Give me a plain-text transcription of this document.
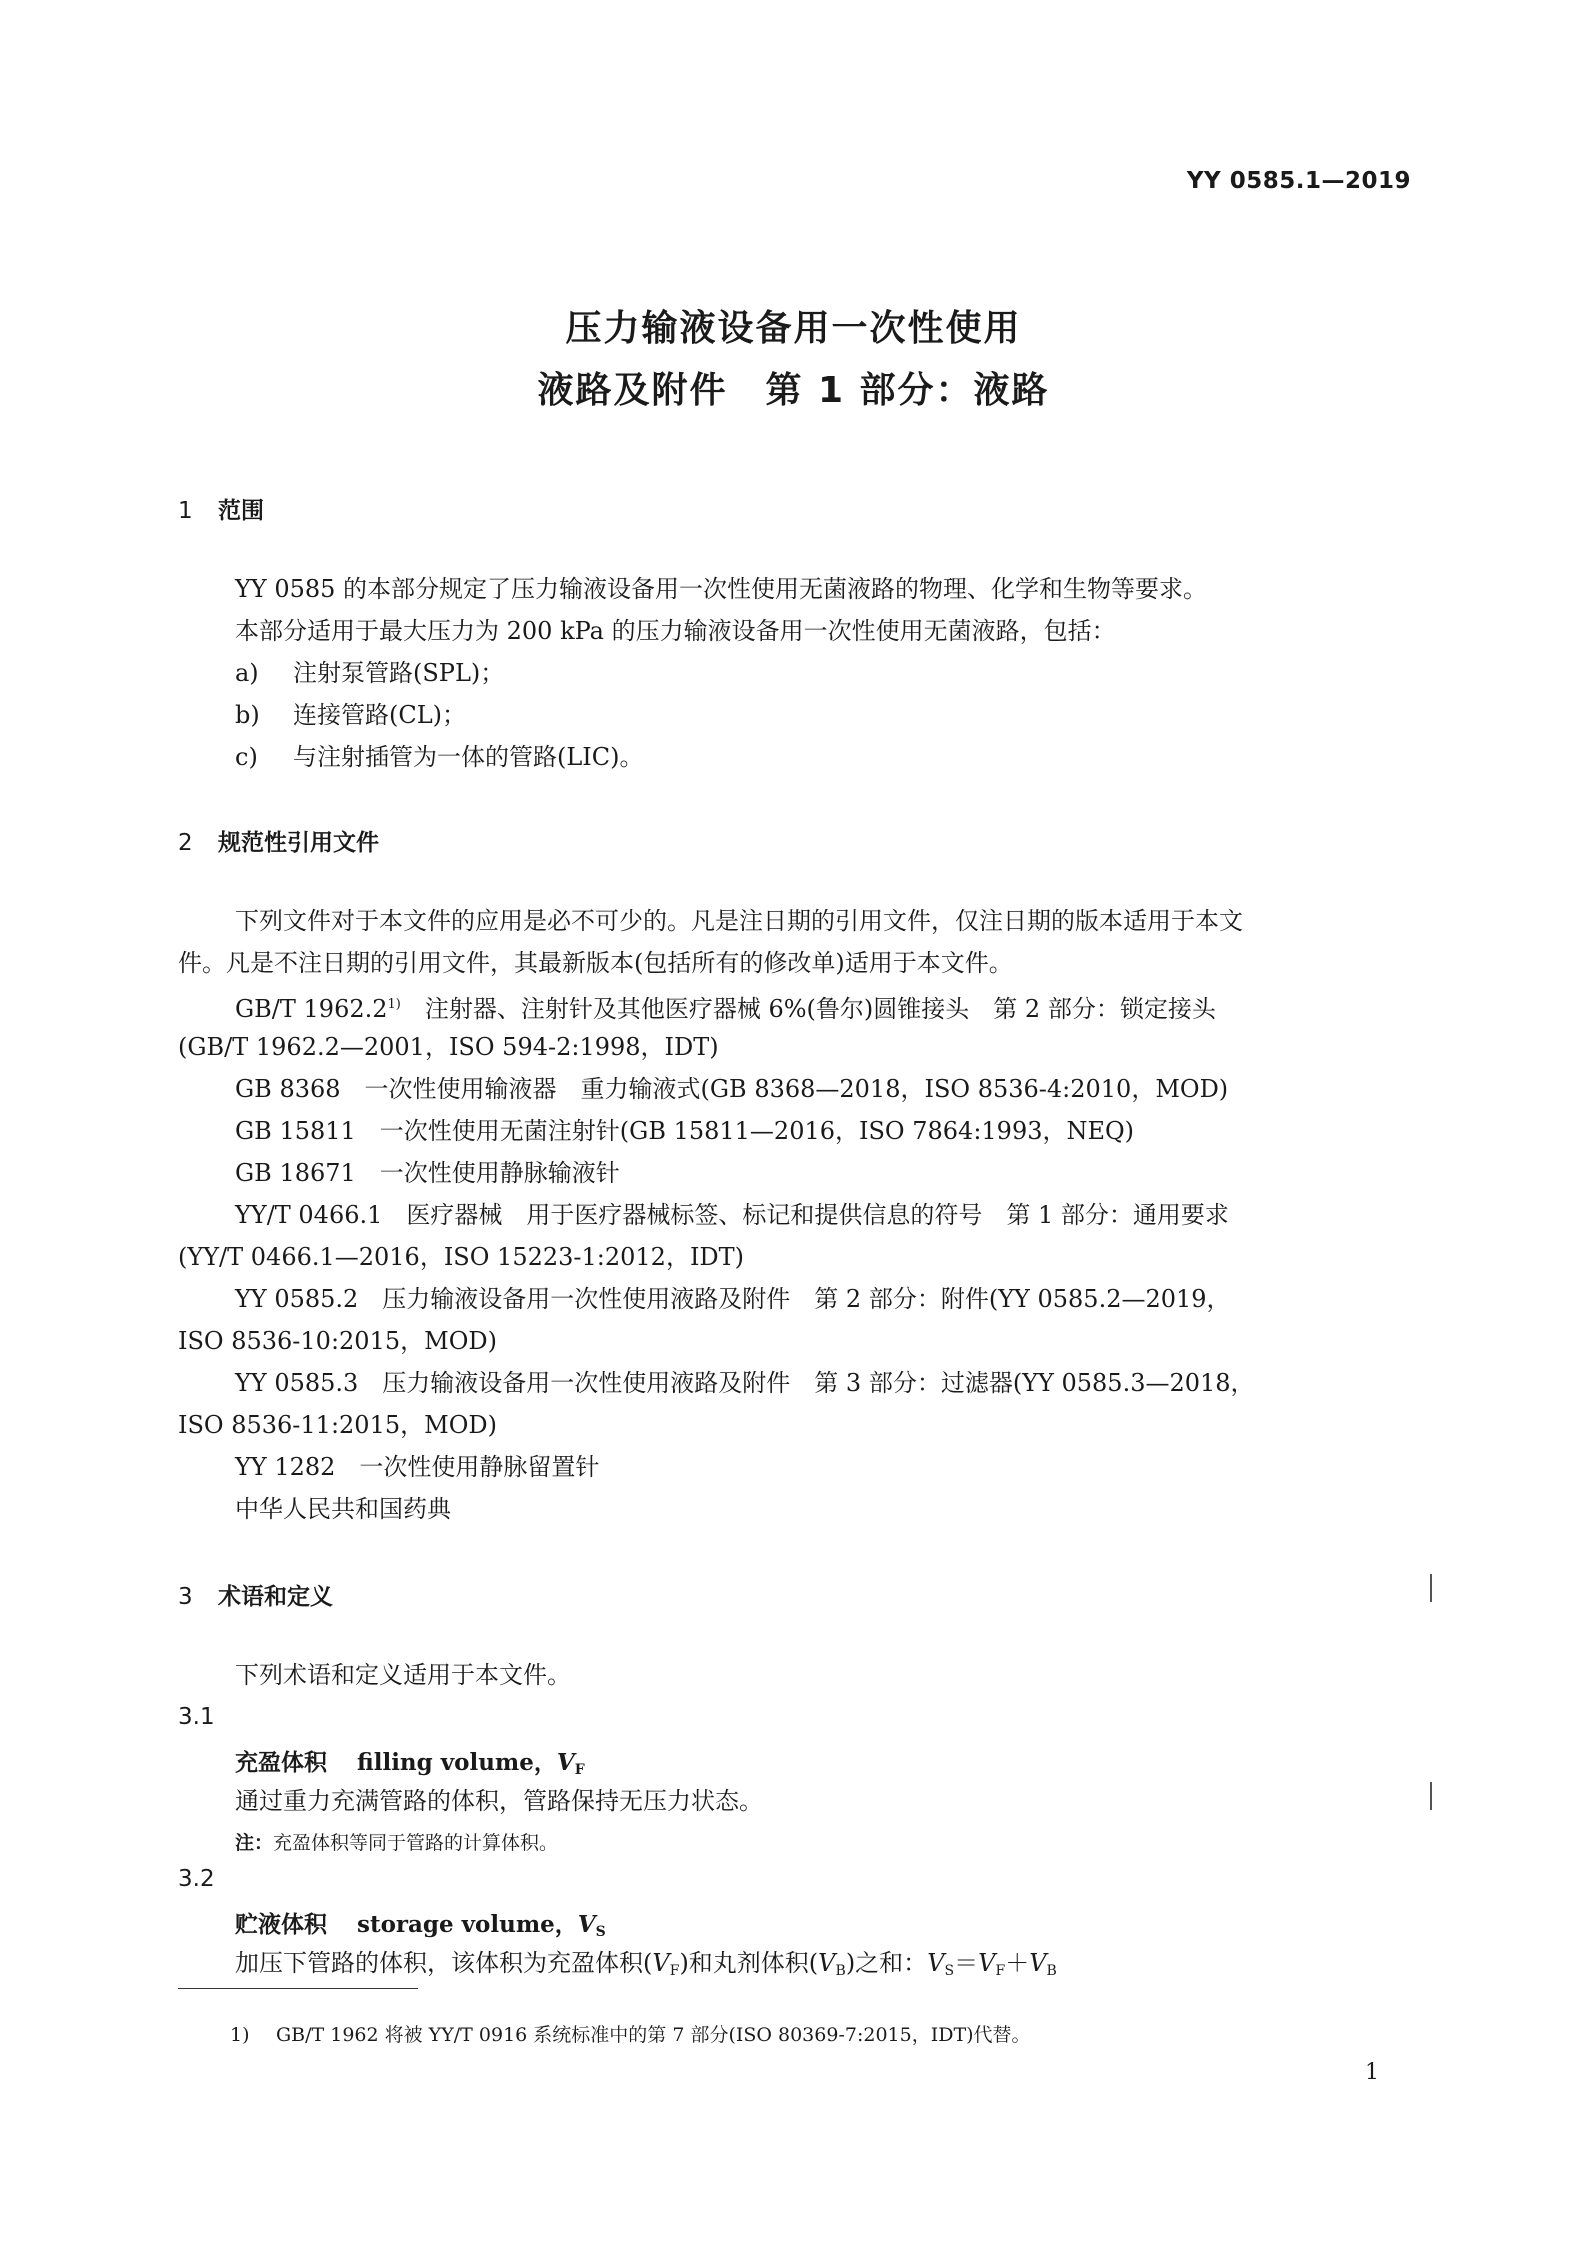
YY 0585.1—2019
压力输液设备用一次性使用
液路及附件　第 1 部分：液路
1 范围
YY 0585 的本部分规定了压力输液设备用一次性使用无菌液路的物理、化学和生物等要求。
本部分适用于最大压力为 200 kPa 的压力输液设备用一次性使用无菌液路，包括：
a) 注射泵管路(SPL)；
b) 连接管路(CL)；
c) 与注射插管为一体的管路(LIC)。
2 规范性引用文件
下列文件对于本文件的应用是必不可少的。凡是注日期的引用文件，仅注日期的版本适用于本文
件。凡是不注日期的引用文件，其最新版本(包括所有的修改单)适用于本文件。
GB/T 1962.2$^{1)}$　注射器、注射针及其他医疗器械 6%(鲁尔)圆锥接头　第 2 部分：锁定接头
(GB/T 1962.2—2001，ISO 594-2:1998，IDT)
GB 8368　一次性使用输液器　重力输液式(GB 8368—2018，ISO 8536-4:2010，MOD)
GB 15811　一次性使用无菌注射针(GB 15811—2016，ISO 7864:1993，NEQ)
GB 18671　一次性使用静脉输液针
YY/T 0466.1　医疗器械　用于医疗器械标签、标记和提供信息的符号　第 1 部分：通用要求
(YY/T 0466.1—2016，ISO 15223-1:2012，IDT)
YY 0585.2　压力输液设备用一次性使用液路及附件　第 2 部分：附件(YY 0585.2—2019，
ISO 8536-10:2015，MOD)
YY 0585.3　压力输液设备用一次性使用液路及附件　第 3 部分：过滤器(YY 0585.3—2018，
ISO 8536-11:2015，MOD)
YY 1282　一次性使用静脉留置针
中华人民共和国药典
3 术语和定义
下列术语和定义适用于本文件。
3.1
充盈体积 filling volume，$V_F$
通过重力充满管路的体积，管路保持无压力状态。
注：充盈体积等同于管路的计算体积。
3.2
贮液体积 storage volume，$V_S$
加压下管路的体积，该体积为充盈体积$(V_F)$和丸剂体积$(V_B)$之和：$V_S=V_F+V_B$
1) GB/T 1962 将被 YY/T 0916 系统标准中的第 7 部分(ISO 80369-7:2015，IDT)代替。
1
